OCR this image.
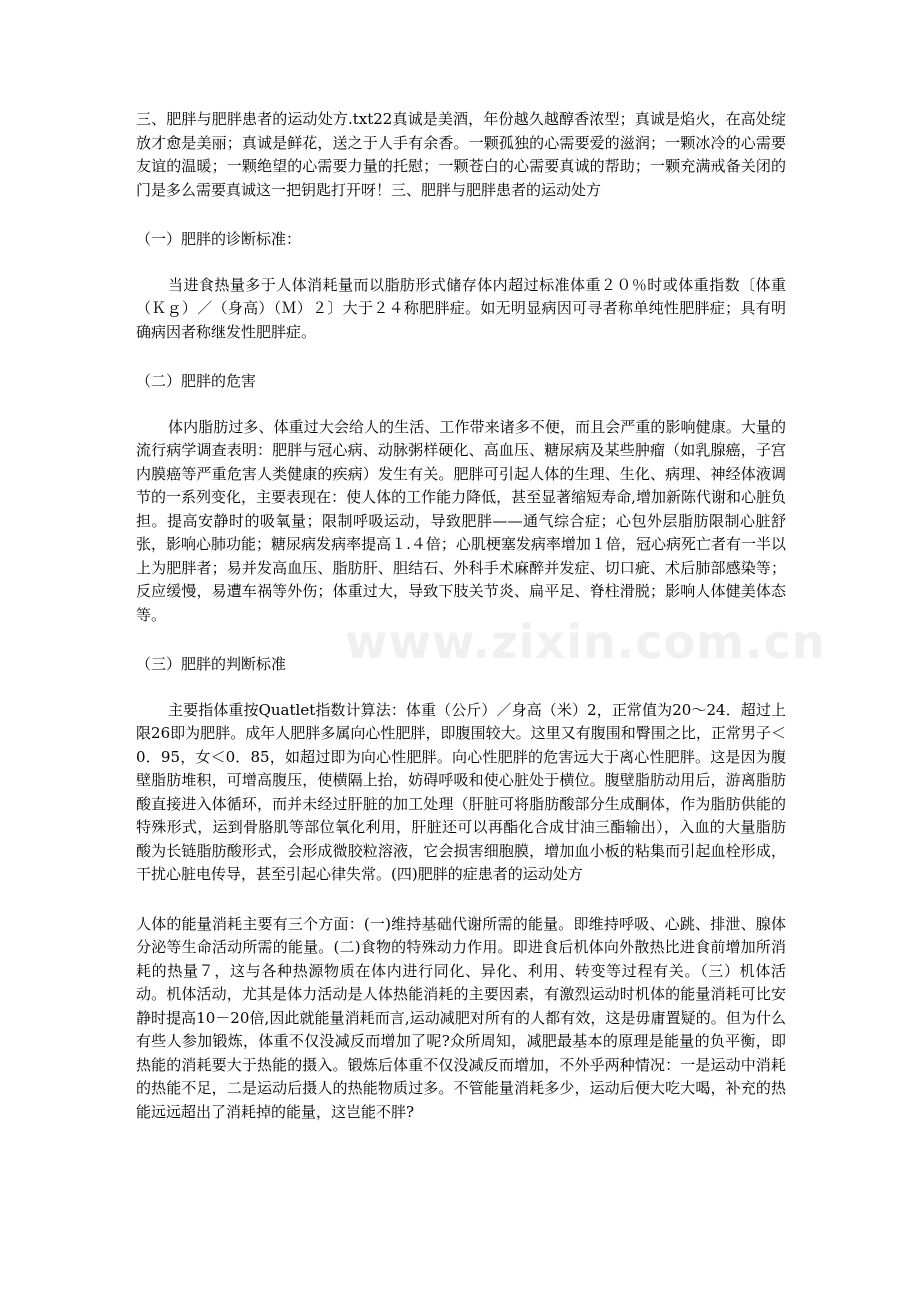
三、肥胖与肥胖患者的运动处方.txt22真诚是美酒，年份越久越醇香浓型；真诚是焰火，在高处绽放才愈是美丽；真诚是鲜花，送之于人手有余香。一颗孤独的心需要爱的滋润；一颗冰冷的心需要友谊的温暖；一颗绝望的心需要力量的托慰；一颗苍白的心需要真诚的帮助；一颗充满戒备关闭的门是多么需要真诚这一把钥匙打开呀！三、肥胖与肥胖患者的运动处方

（一）肥胖的诊断标准：

当进食热量多于人体消耗量而以脂肪形式储存体内超过标准体重２０％时或体重指数〔体重（Ｋｇ）／（身高）（Ｍ）２〕大于２４称肥胖症。如无明显病因可寻者称单纯性肥胖症；具有明确病因者称继发性肥胖症。

（二）肥胖的危害

体内脂肪过多、体重过大会给人的生活、工作带来诸多不便，而且会严重的影响健康。大量的流行病学调查表明：肥胖与冠心病、动脉粥样硬化、高血压、糖尿病及某些肿瘤（如乳腺癌，子宫内膜癌等严重危害人类健康的疾病）发生有关。肥胖可引起人体的生理、生化、病理、神经体液调节的一系列变化，主要表现在：使人体的工作能力降低，甚至显著缩短寿命,增加新陈代谢和心脏负担。提高安静时的吸氧量；限制呼吸运动，导致肥胖——通气综合症；心包外层脂肪限制心脏舒张，影响心肺功能；糖尿病发病率提高１.４倍；心肌梗塞发病率增加１倍，冠心病死亡者有一半以上为肥胖者；易并发高血压、脂肪肝、胆结石、外科手术麻醉并发症、切口疵、术后肺部感染等；反应缓慢，易遭车祸等外伤；体重过大，导致下肢关节炎、扁平足、脊柱滑脱；影响人体健美体态等。

（三）肥胖的判断标准

主要指体重按Quatlet指数计算法：体重（公斤）／身高（米）2，正常值为20～24．超过上限26即为肥胖。成年人肥胖多属向心性肥胖，即腹围较大。这里又有腹围和臀围之比，正常男子＜0．95，女＜0．85，如超过即为向心性肥胖。向心性肥胖的危害远大于离心性肥胖。这是因为腹壁脂肪堆积，可增高腹压，使横隔上抬，妨碍呼吸和使心脏处于横位。腹壁脂肪动用后，游离脂肪酸直接进入体循环，而并未经过肝脏的加工处理（肝脏可将脂肪酸部分生成酮体，作为脂肪供能的特殊形式，运到骨胳肌等部位氧化利用，肝脏还可以再酯化合成甘油三酯输出），入血的大量脂肪酸为长链脂肪酸形式，会形成微胶粒溶液，它会损害细胞膜，增加血小板的粘集而引起血栓形成，干扰心脏电传导，甚至引起心律失常。(四)肥胖的症患者的运动处方

人体的能量消耗主要有三个方面：(一)维持基础代谢所需的能量。即维持呼吸、心跳、排泄、腺体分泌等生命活动所需的能量。(二)食物的特殊动力作用。即进食后机体向外散热比进食前增加所消耗的热量７，这与各种热源物质在体内进行同化、异化、利用、转变等过程有关。（三）机体活动。机体活动，尤其是体力活动是人体热能消耗的主要因素，有激烈运动时机体的能量消耗可比安静时提高10－20倍,因此就能量消耗而言,运动减肥对所有的人都有效，这是毋庸置疑的。但为什么有些人参加锻炼，体重不仅没减反而增加了呢?众所周知，减肥最基本的原理是能量的负平衡，即热能的消耗要大于热能的摄入。锻炼后体重不仅没减反而增加，不外乎两种情况：一是运动中消耗的热能不足，二是运动后摄人的热能物质过多。不管能量消耗多少，运动后便大吃大喝，补充的热能远远超出了消耗掉的能量，这岂能不胖?

www.zixin.com.cn
